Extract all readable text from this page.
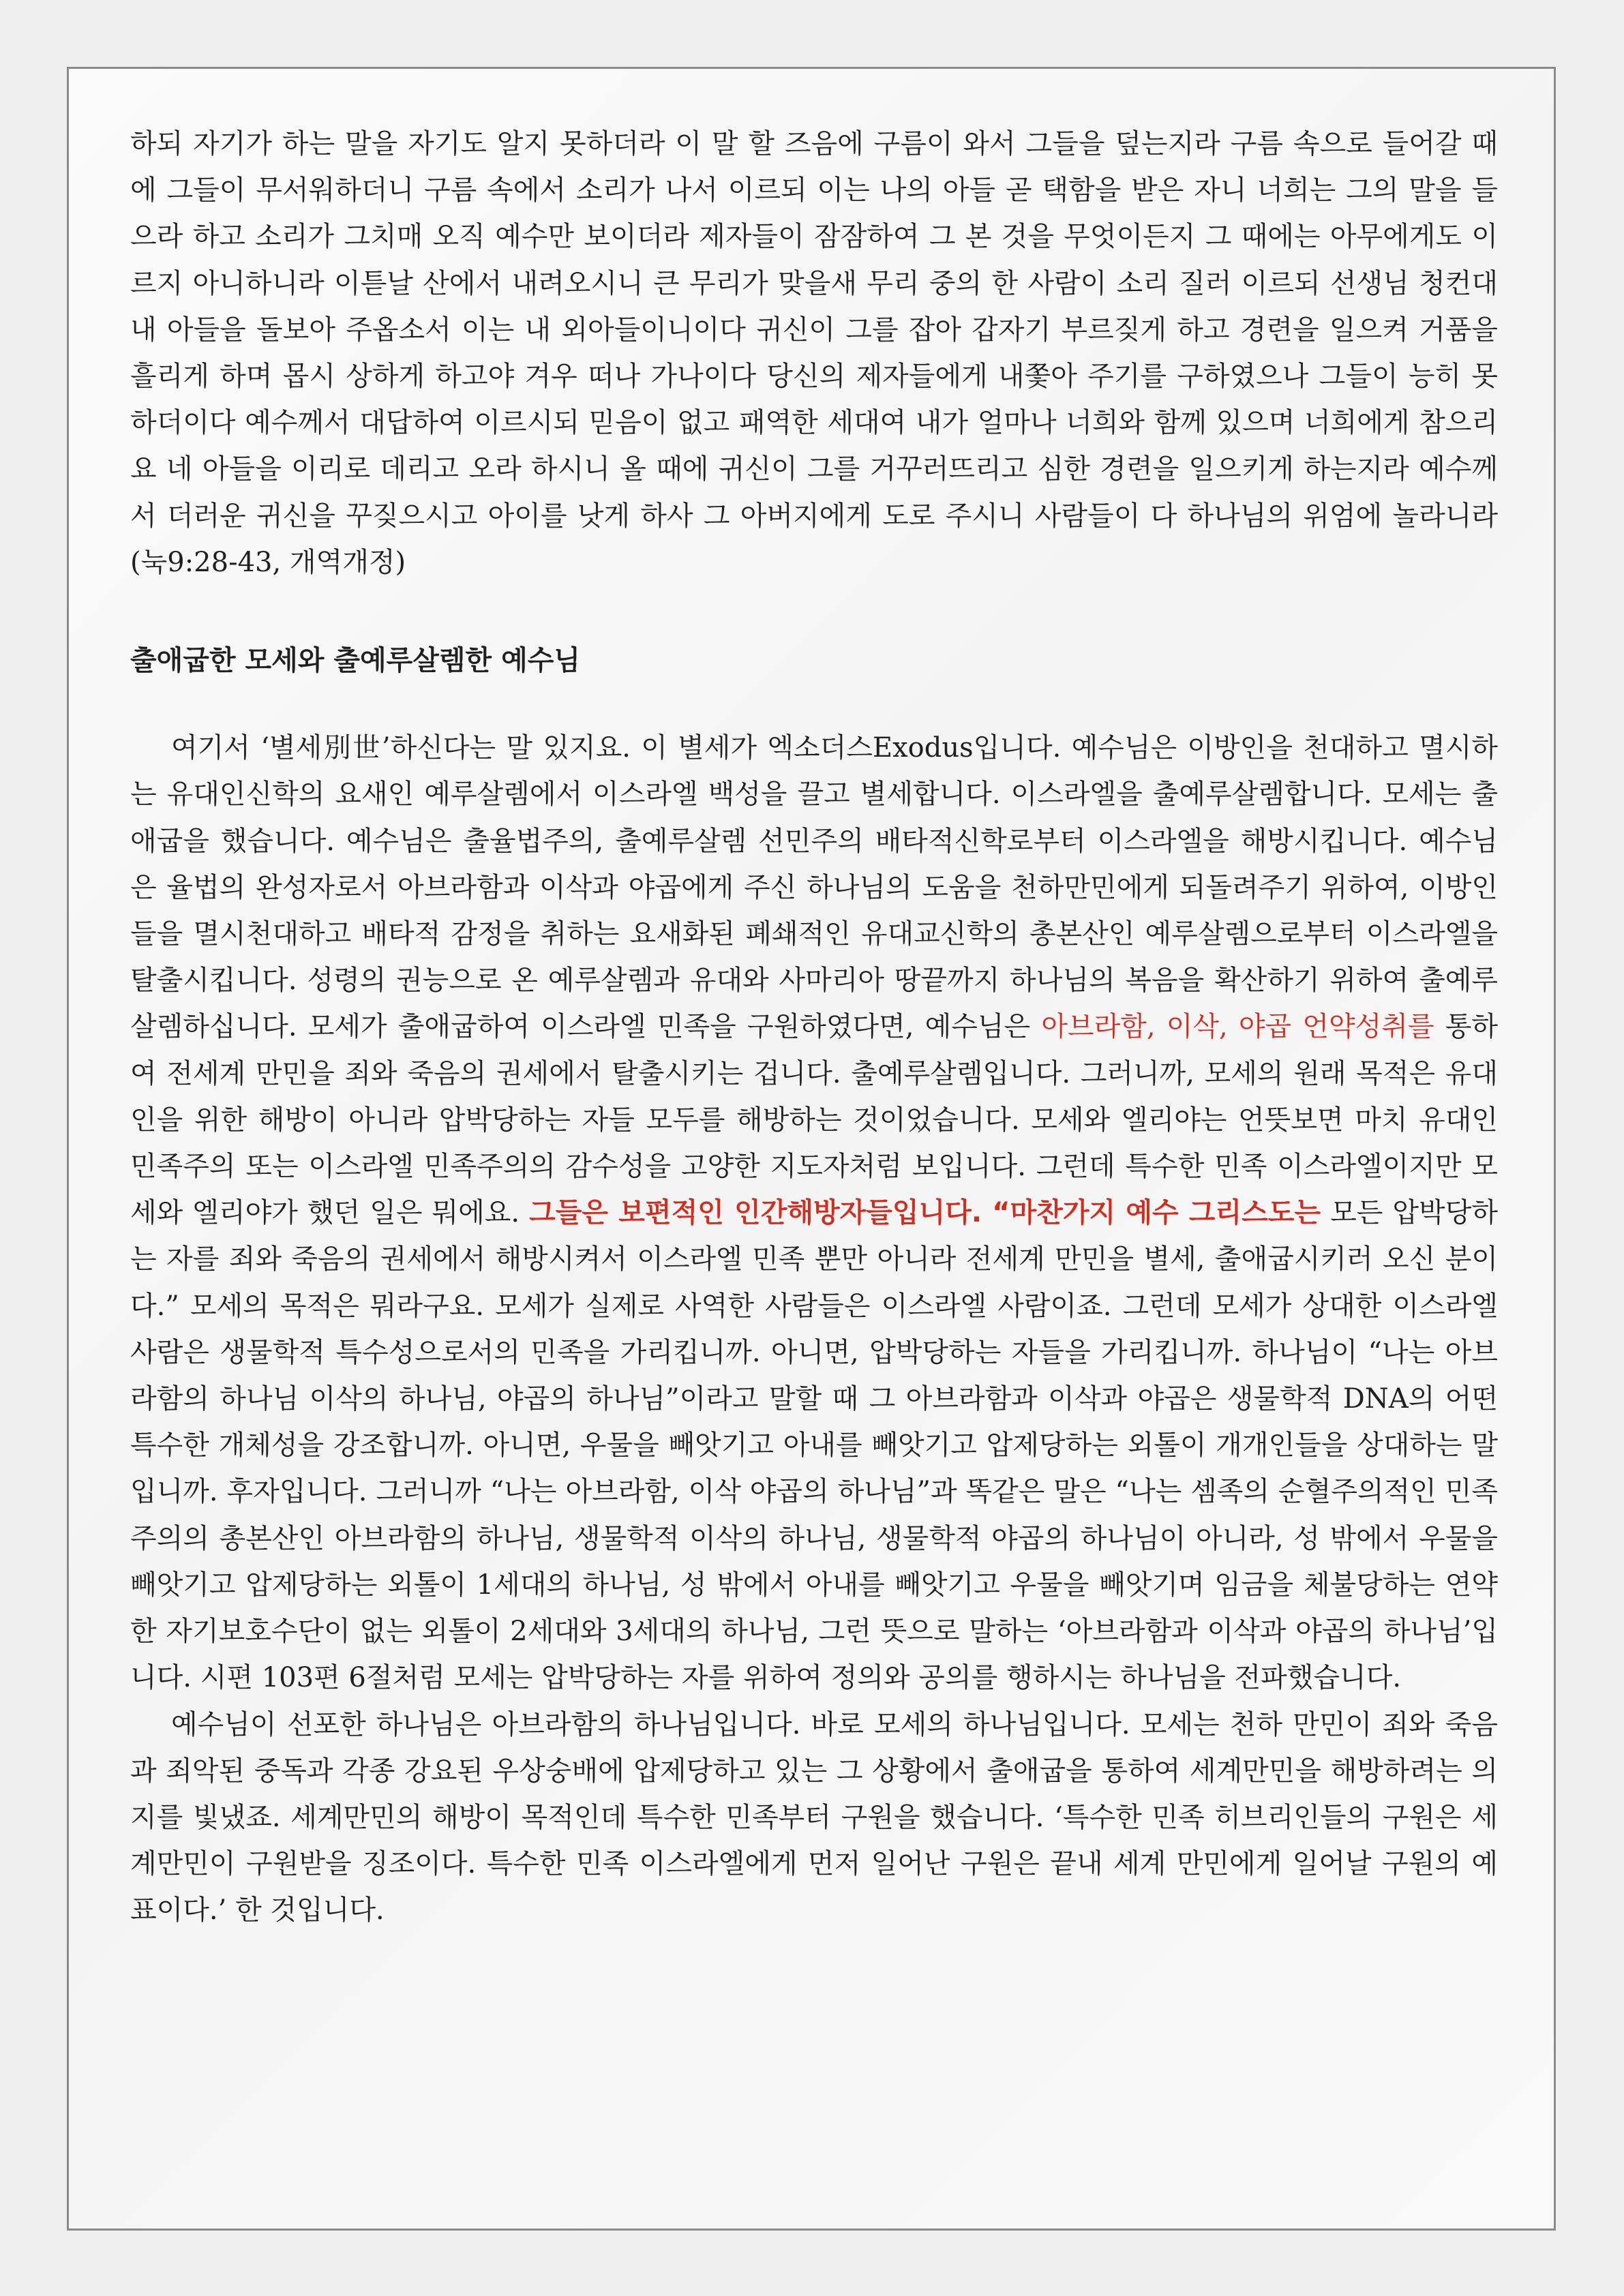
하되 자기가 하는 말을 자기도 알지 못하더라 이 말 할 즈음에 구름이 와서 그들을 덮는지라 구름 속으로 들어갈 때에 그들이 무서워하더니 구름 속에서 소리가 나서 이르되 이는 나의 아들 곧 택함을 받은 자니 너희는 그의 말을 들으라 하고 소리가 그치매 오직 예수만 보이더라 제자들이 잠잠하여 그 본 것을 무엇이든지 그 때에는 아무에게도 이르지 아니하니라 이튿날 산에서 내려오시니 큰 무리가 맞을새 무리 중의 한 사람이 소리 질러 이르되 선생님 청컨대 내 아들을 돌보아 주옵소서 이는 내 외아들이니이다 귀신이 그를 잡아 갑자기 부르짖게 하고 경련을 일으켜 거품을 흘리게 하며 몹시 상하게 하고야 겨우 떠나 가나이다 당신의 제자들에게 내쫓아 주기를 구하였으나 그들이 능히 못하더이다 예수께서 대답하여 이르시되 믿음이 없고 패역한 세대여 내가 얼마나 너희와 함께 있으며 너희에게 참으리요 네 아들을 이리로 데리고 오라 하시니 올 때에 귀신이 그를 거꾸러뜨리고 심한 경련을 일으키게 하는지라 예수께서 더러운 귀신을 꾸짖으시고 아이를 낫게 하사 그 아버지에게 도로 주시니 사람들이 다 하나님의 위엄에 놀라니라(눅9:28-43, 개역개정)

출애굽한 모세와 출예루살렘한 예수님

여기서 ‘별세別世’하신다는 말 있지요. 이 별세가 엑소더스Exodus입니다. 예수님은 이방인을 천대하고 멸시하는 유대인신학의 요새인 예루살렘에서 이스라엘 백성을 끌고 별세합니다. 이스라엘을 출예루살렘합니다. 모세는 출애굽을 했습니다. 예수님은 출율법주의, 출예루살렘 선민주의 배타적신학로부터 이스라엘을 해방시킵니다. 예수님은 율법의 완성자로서 아브라함과 이삭과 야곱에게 주신 하나님의 도움을 천하만민에게 되돌려주기 위하여, 이방인들을 멸시천대하고 배타적 감정을 취하는 요새화된 폐쇄적인 유대교신학의 총본산인 예루살렘으로부터 이스라엘을 탈출시킵니다. 성령의 권능으로 온 예루살렘과 유대와 사마리아 땅끝까지 하나님의 복음을 확산하기 위하여 출예루살렘하십니다. 모세가 출애굽하여 이스라엘 민족을 구원하였다면, 예수님은 아브라함, 이삭, 야곱 언약성취를 통하여 전세계 만민을 죄와 죽음의 권세에서 탈출시키는 겁니다. 출예루살렘입니다. 그러니까, 모세의 원래 목적은 유대인을 위한 해방이 아니라 압박당하는 자들 모두를 해방하는 것이었습니다. 모세와 엘리야는 언뜻보면 마치 유대인 민족주의 또는 이스라엘 민족주의의 감수성을 고양한 지도자처럼 보입니다. 그런데 특수한 민족 이스라엘이지만 모세와 엘리야가 했던 일은 뭐에요. 그들은 보편적인 인간해방자들입니다. “마찬가지 예수 그리스도는 모든 압박당하는 자를 죄와 죽음의 권세에서 해방시켜서 이스라엘 민족 뿐만 아니라 전세계 만민을 별세, 출애굽시키러 오신 분이다.” 모세의 목적은 뭐라구요. 모세가 실제로 사역한 사람들은 이스라엘 사람이죠. 그런데 모세가 상대한 이스라엘 사람은 생물학적 특수성으로서의 민족을 가리킵니까. 아니면, 압박당하는 자들을 가리킵니까. 하나님이 “나는 아브라함의 하나님 이삭의 하나님, 야곱의 하나님”이라고 말할 때 그 아브라함과 이삭과 야곱은 생물학적 DNA의 어떤 특수한 개체성을 강조합니까. 아니면, 우물을 빼앗기고 아내를 빼앗기고 압제당하는 외톨이 개개인들을 상대하는 말입니까. 후자입니다. 그러니까 “나는 아브라함, 이삭 야곱의 하나님”과 똑같은 말은 “나는 셈족의 순혈주의적인 민족주의의 총본산인 아브라함의 하나님, 생물학적 이삭의 하나님, 생물학적 야곱의 하나님이 아니라, 성 밖에서 우물을 빼앗기고 압제당하는 외톨이 1세대의 하나님, 성 밖에서 아내를 빼앗기고 우물을 빼앗기며 임금을 체불당하는 연약한 자기보호수단이 없는 외톨이 2세대와 3세대의 하나님, 그런 뜻으로 말하는 ‘아브라함과 이삭과 야곱의 하나님’입니다. 시편 103편 6절처럼 모세는 압박당하는 자를 위하여 정의와 공의를 행하시는 하나님을 전파했습니다.

예수님이 선포한 하나님은 아브라함의 하나님입니다. 바로 모세의 하나님입니다. 모세는 천하 만민이 죄와 죽음과 죄악된 중독과 각종 강요된 우상숭배에 압제당하고 있는 그 상황에서 출애굽을 통하여 세계만민을 해방하려는 의지를 빛냈죠. 세계만민의 해방이 목적인데 특수한 민족부터 구원을 했습니다. ‘특수한 민족 히브리인들의 구원은 세계만민이 구원받을 징조이다. 특수한 민족 이스라엘에게 먼저 일어난 구원은 끝내 세계 만민에게 일어날 구원의 예표이다.’ 한 것입니다.
